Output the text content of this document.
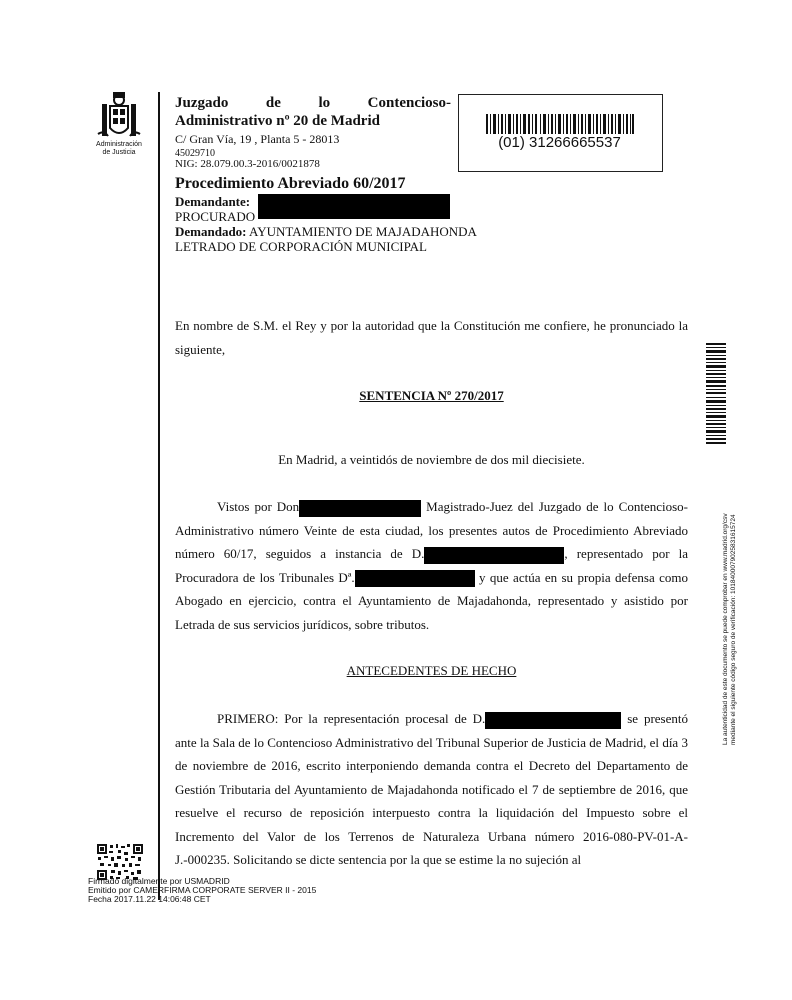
Administración
de Justicia
Juzgado de lo Contencioso-
Administrativo nº 20 de Madrid
C/ Gran Vía, 19 , Planta 5 - 28013
45029710
NIG: 28.079.00.3-2016/0021878
Procedimiento Abreviado 60/2017
Demandante:
PROCURADO
Demandado: AYUNTAMIENTO DE MAJADAHONDA
LETRADO DE CORPORACIÓN MUNICIPAL
(01) 31266665537
La autenticidad de este documento se puede comprobar en www.madrid.org/csv mediante el siguiente código seguro de verificación: 1018400079025831615724
En nombre de S.M. el Rey y por la autoridad que la Constitución me confiere, he pronunciado la siguiente,
SENTENCIA Nº 270/2017
En Madrid, a veintidós de noviembre de dos mil diecisiete.
Vistos por Don	Magistrado-Juez del Juzgado de lo Contencioso-Administrativo número Veinte de esta ciudad, los presentes autos de Procedimiento Abreviado número 60/17, seguidos a instancia de D.	, representado por la Procuradora de los Tribunales Dª.	y que actúa en su propia defensa como Abogado en ejercicio, contra el Ayuntamiento de Majadahonda, representado y asistido por Letrada de sus servicios jurídicos, sobre tributos.
ANTECEDENTES DE HECHO
PRIMERO: Por la representación procesal de D.	se presentó ante la Sala de lo Contencioso Administrativo del Tribunal Superior de Justicia de Madrid, el día 3 de noviembre de 2016, escrito interponiendo demanda contra el Decreto del Departamento de Gestión Tributaria del Ayuntamiento de Majadahonda notificado el 7 de septiembre de 2016, que resuelve el recurso de reposición interpuesto contra la liquidación del Impuesto sobre el Incremento del Valor de los Terrenos de Naturaleza Urbana número 2016-080-PV-01-A-J.-000235. Solicitando se dicte sentencia por la que se estime la no sujeción al
Firmado digitalmente por USMADRID
Emitido por CAMERFIRMA CORPORATE SERVER II - 2015
Fecha 2017.11.22 14:06:48 CET
